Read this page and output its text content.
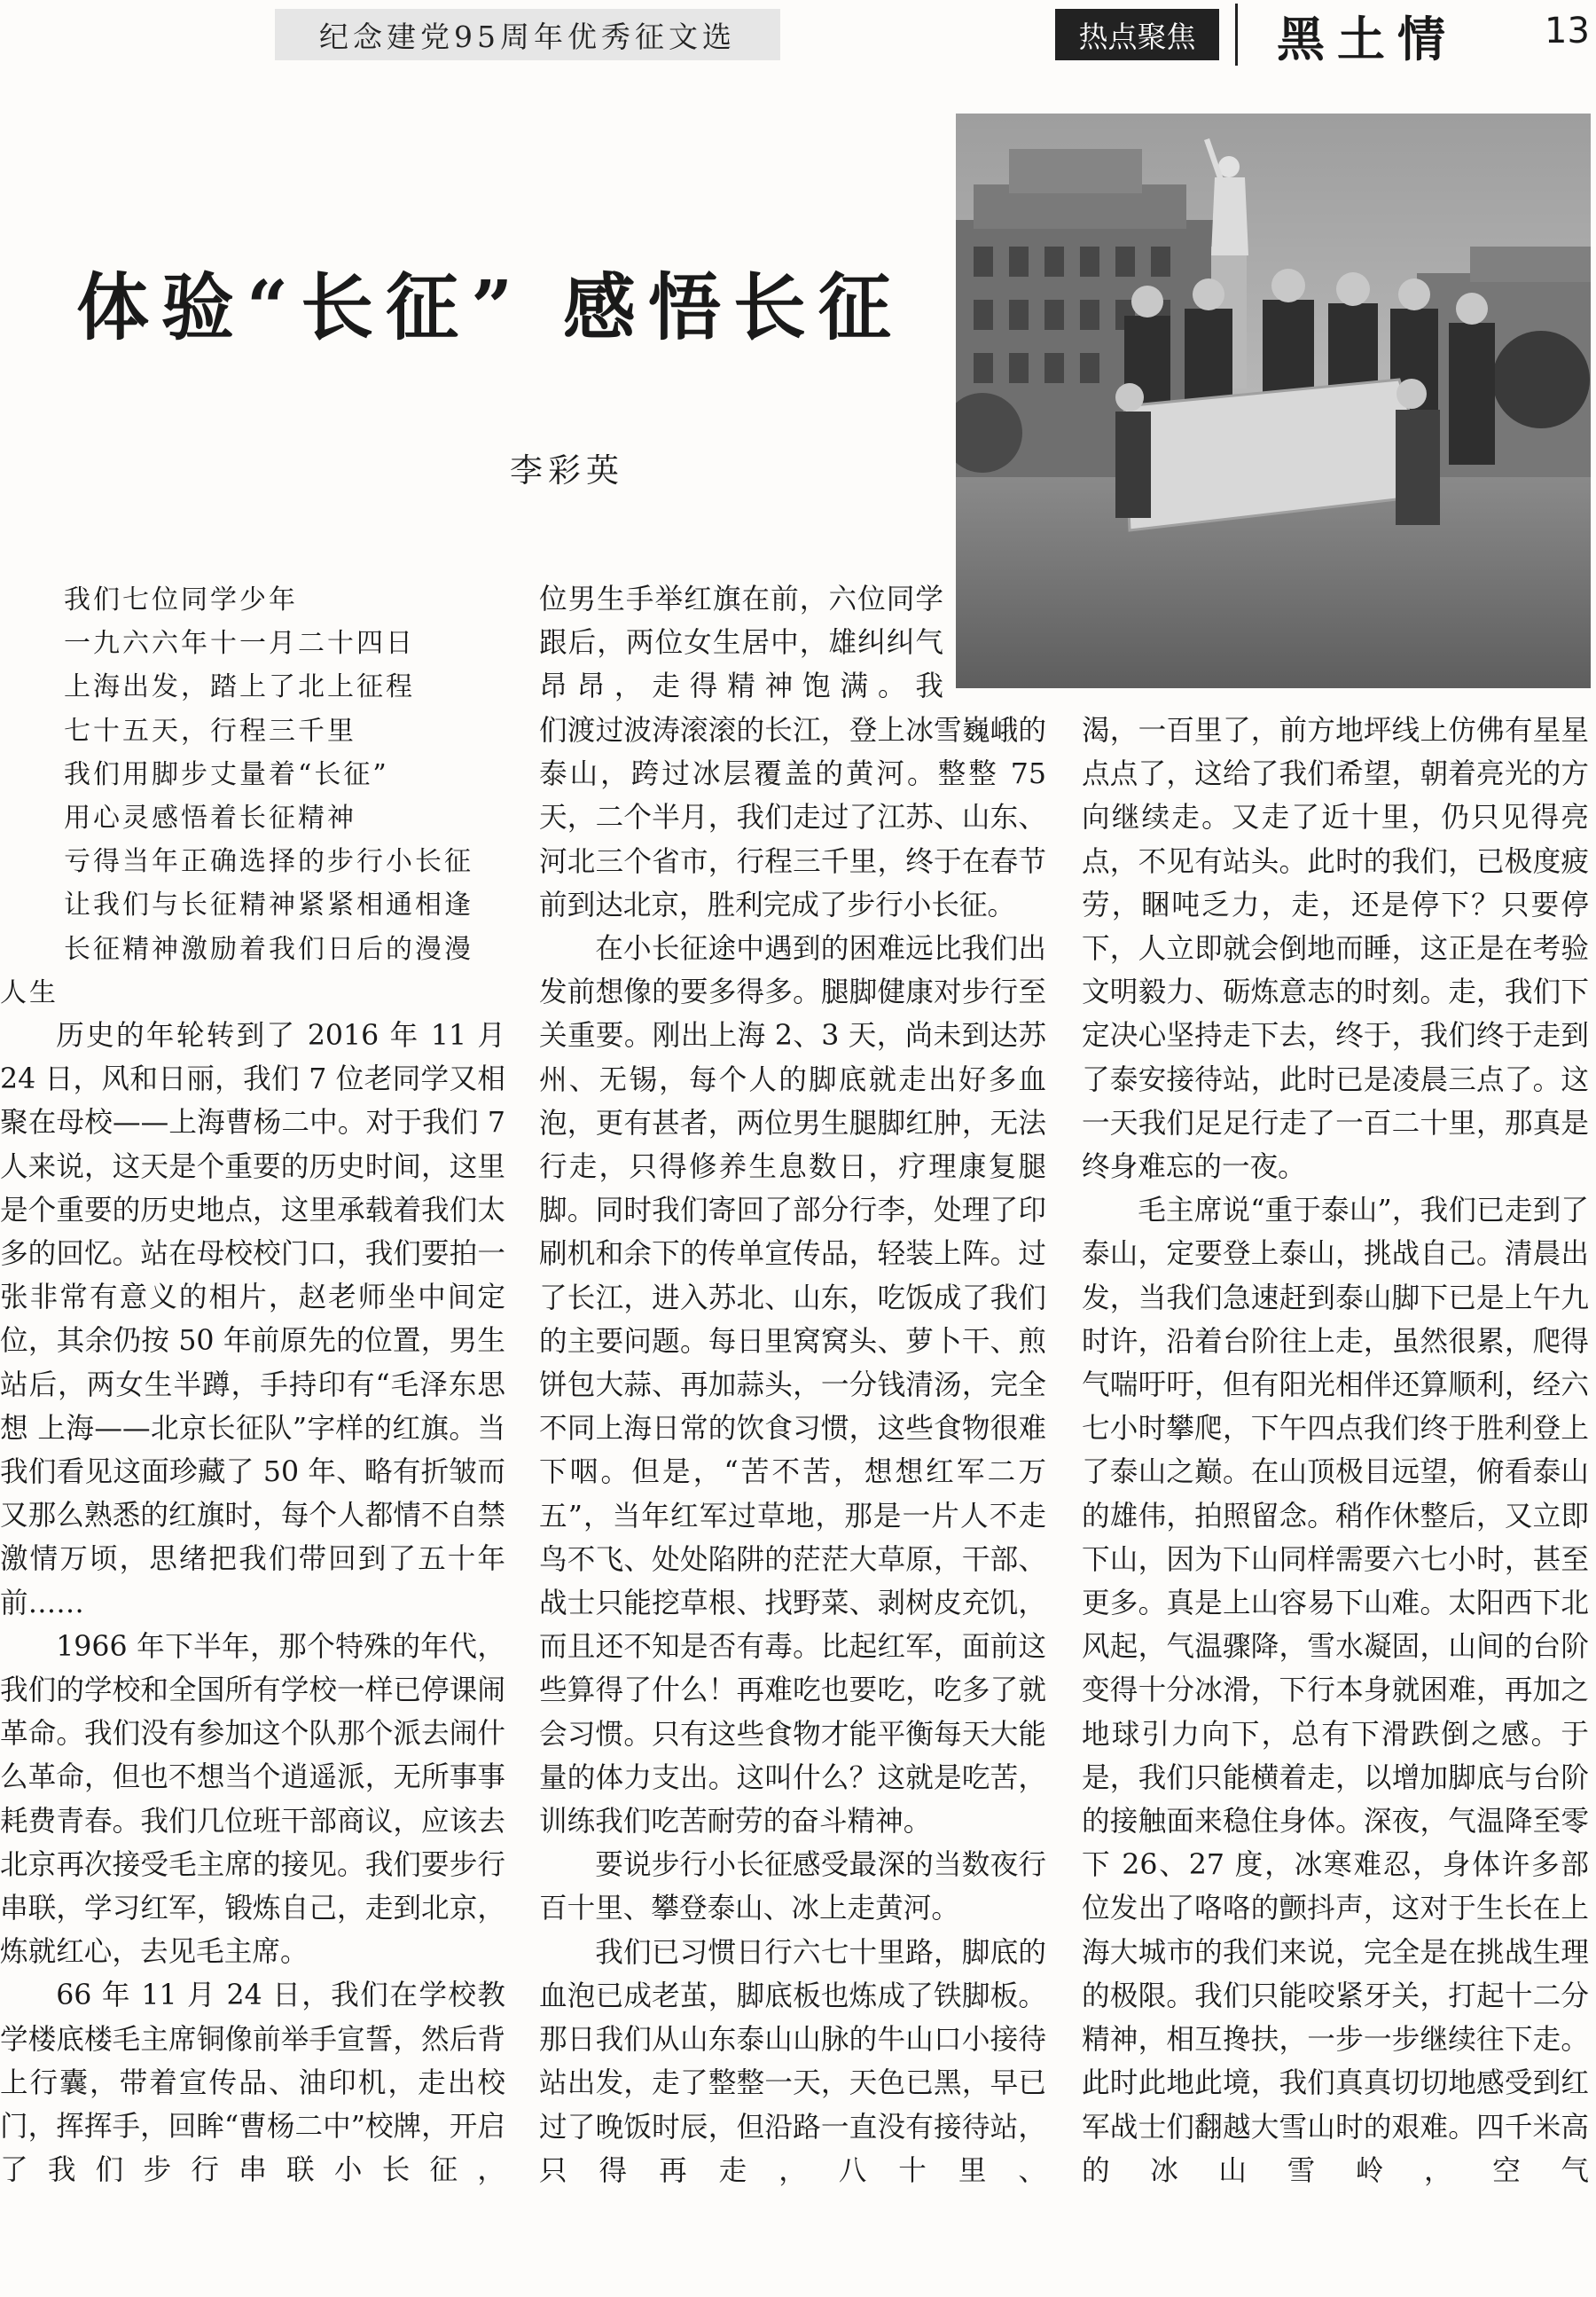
纪念建党95周年优秀征文选	热点聚焦	黑土情 13
体验“长征” 感悟长征
李彩英
我们七位同学少年
一九六六年十一月二十四日
上海出发，踏上了北上征程
七十五天，行程三千里
我们用脚步丈量着“长征”
用心灵感悟着长征精神
亏得当年正确选择的步行小长征
让我们与长征精神紧紧相通相逢
长征精神激励着我们日后的漫漫
人生

历史的年轮转到了 2016 年 11 月 24 日，风和日丽，我们 7 位老同学又相聚在母校——上海曹杨二中。对于我们 7 人来说，这天是个重要的历史时间，这里是个重要的历史地点，这里承载着我们太多的回忆。站在母校校门口，我们要拍一张非常有意义的相片，赵老师坐中间定位，其余仍按 50 年前原先的位置，男生站后，两女生半蹲，手持印有“毛泽东思想 上海——北京长征队”字样的红旗。当我们看见这面珍藏了 50 年、略有折皱而又那么熟悉的红旗时，每个人都情不自禁激情万顷，思绪把我们带回到了五十年前……

1966 年下半年，那个特殊的年代，我们的学校和全国所有学校一样已停课闹革命。我们没有参加这个队那个派去闹什么革命，但也不想当个逍遥派，无所事事耗费青春。我们几位班干部商议，应该去北京再次接受毛主席的接见。我们要步行串联，学习红军，锻炼自己，走到北京，炼就红心，去见毛主席。

66 年 11 月 24 日，我们在学校教学楼底楼毛主席铜像前举手宣誓，然后背上行囊，带着宣传品、油印机，走出校门，挥挥手，回眸“曹杨二中”校牌，开启了我们步行串联小长征，

位男生手举红旗在前，六位同学跟后，两位女生居中，雄纠纠气昂昂，走得精神饱满。我

们渡过波涛滚滚的长江，登上冰雪巍峨的泰山，跨过冰层覆盖的黄河。整整 75 天，二个半月，我们走过了江苏、山东、河北三个省市，行程三千里，终于在春节前到达北京，胜利完成了步行小长征。

在小长征途中遇到的困难远比我们出发前想像的要多得多。腿脚健康对步行至关重要。刚出上海 2、3 天，尚未到达苏州、无锡，每个人的脚底就走出好多血泡，更有甚者，两位男生腿脚红肿，无法行走，只得修养生息数日，疗理康复腿脚。同时我们寄回了部分行李，处理了印刷机和余下的传单宣传品，轻装上阵。过了长江，进入苏北、山东，吃饭成了我们的主要问题。每日里窝窝头、萝卜干、煎饼包大蒜、再加蒜头，一分钱清汤，完全不同上海日常的饮食习惯，这些食物很难下咽。但是，“苦不苦，想想红军二万五”，当年红军过草地，那是一片人不走鸟不飞、处处陷阱的茫茫大草原，干部、战士只能挖草根、找野菜、剥树皮充饥，而且还不知是否有毒。比起红军，面前这些算得了什么！再难吃也要吃，吃多了就会习惯。只有这些食物才能平衡每天大能量的体力支出。这叫什么？这就是吃苦，训练我们吃苦耐劳的奋斗精神。

要说步行小长征感受最深的当数夜行百十里、攀登泰山、冰上走黄河。

我们已习惯日行六七十里路，脚底的血泡已成老茧，脚底板也炼成了铁脚板。那日我们从山东泰山山脉的牛山口小接待站出发，走了整整一天，天色已黑，早已过了晚饭时辰，但沿路一直没有接待站，只得再走，八十里、

渴，一百里了，前方地坪线上仿佛有星星点点了，这给了我们希望，朝着亮光的方向继续走。又走了近十里，仍只见得亮点，不见有站头。此时的我们，已极度疲劳，睏吨乏力，走，还是停下？只要停下，人立即就会倒地而睡，这正是在考验文明毅力、砺炼意志的时刻。走，我们下定决心坚持走下去，终于，我们终于走到了泰安接待站，此时已是凌晨三点了。这一天我们足足行走了一百二十里，那真是终身难忘的一夜。

毛主席说“重于泰山”，我们已走到了泰山，定要登上泰山，挑战自己。清晨出发，当我们急速赶到泰山脚下已是上午九时许，沿着台阶往上走，虽然很累，爬得气喘吁吁，但有阳光相伴还算顺利，经六七小时攀爬，下午四点我们终于胜利登上了泰山之巅。在山顶极目远望，俯看泰山的雄伟，拍照留念。稍作休整后，又立即下山，因为下山同样需要六七小时，甚至更多。真是上山容易下山难。太阳西下北风起，气温骤降，雪水凝固，山间的台阶变得十分冰滑，下行本身就困难，再加之地球引力向下，总有下滑跌倒之感。于是，我们只能横着走，以增加脚底与台阶的接触面来稳住身体。深夜，气温降至零下 26、27 度，冰寒难忍，身体许多部位发出了咯咯的颤抖声，这对于生长在上海大城市的我们来说，完全是在挑战生理的极限。我们只能咬紧牙关，打起十二分精神，相互搀扶，一步一步继续往下走。此时此地此境，我们真真切切地感受到红军战士们翻越大雪山时的艰难。四千米高的冰山雪岭，空气
